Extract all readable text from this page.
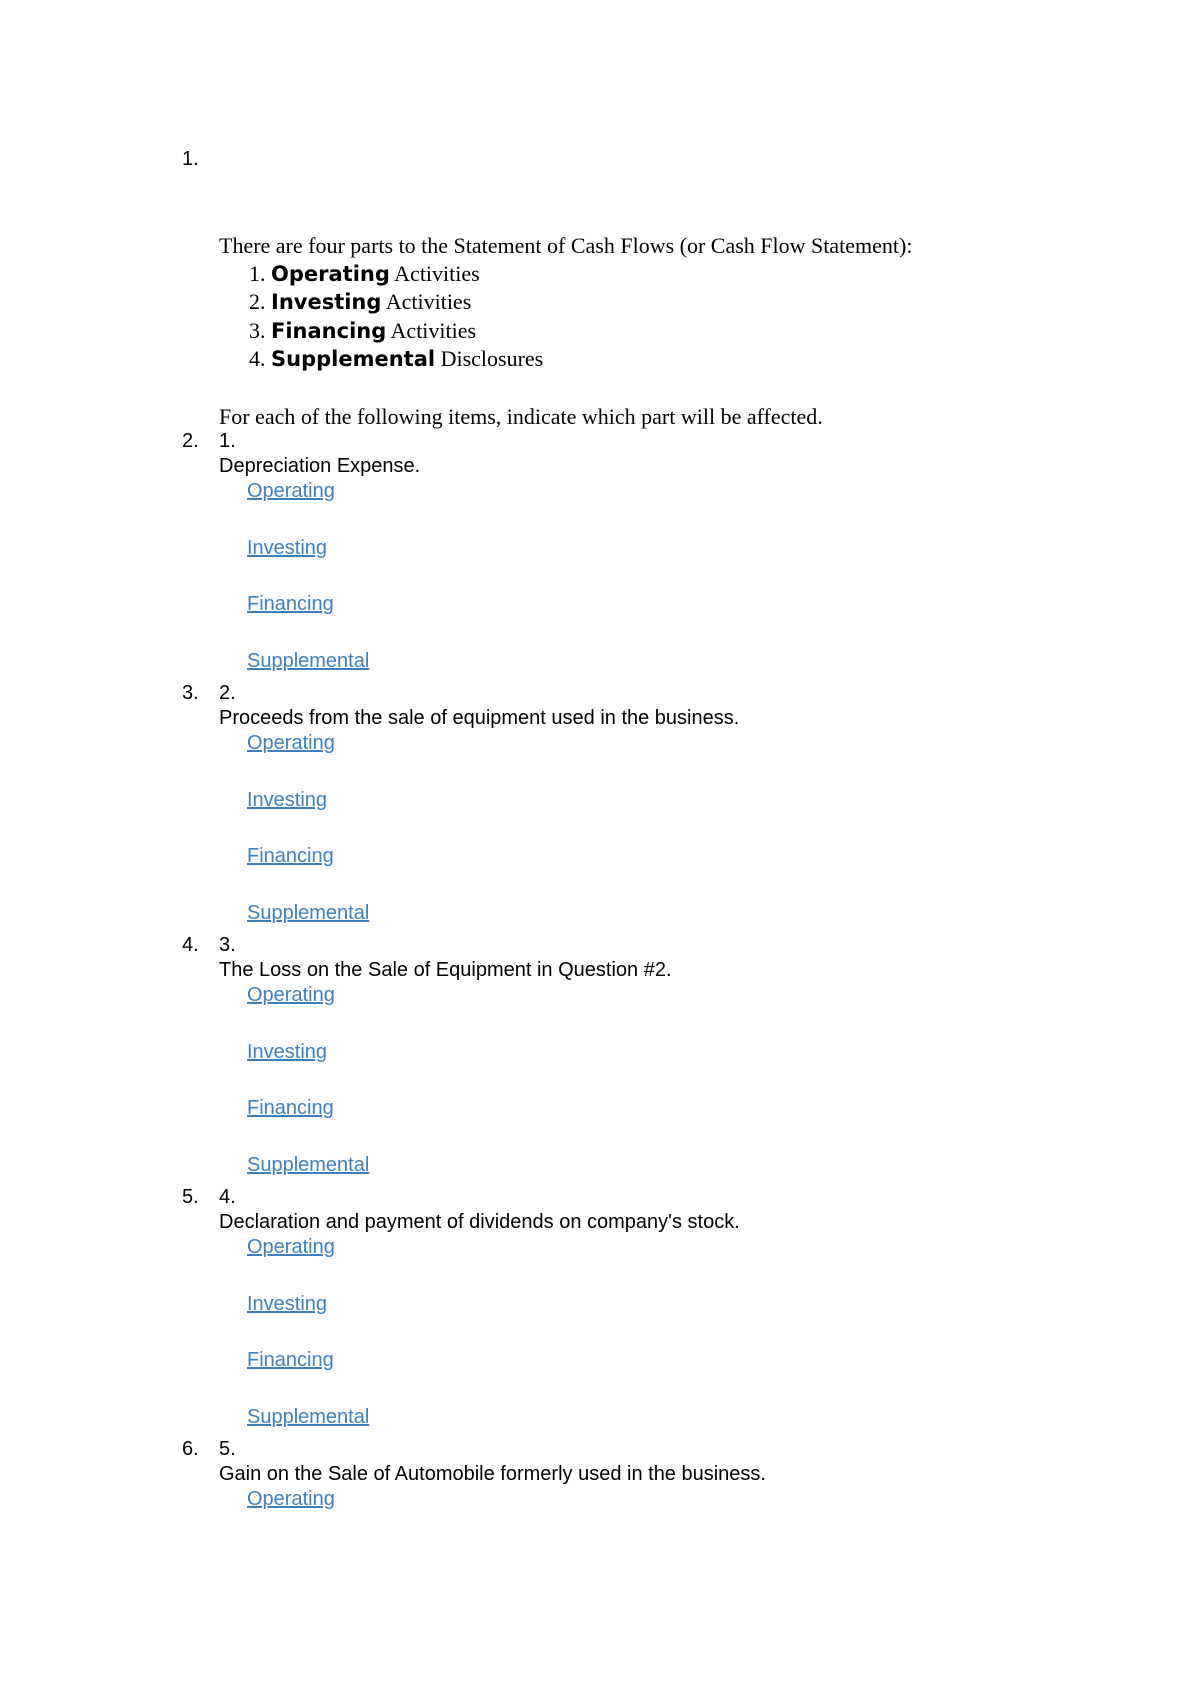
1.
There are four parts to the Statement of Cash Flows (or Cash Flow Statement):
1. Operating Activities
2. Investing Activities
3. Financing Activities
4. Supplemental Disclosures
For each of the following items, indicate which part will be affected.
2. 1.
Depreciation Expense.
Operating
Investing
Financing
Supplemental
3. 2.
Proceeds from the sale of equipment used in the business.
Operating
Investing
Financing
Supplemental
4. 3.
The Loss on the Sale of Equipment in Question #2.
Operating
Investing
Financing
Supplemental
5. 4.
Declaration and payment of dividends on company's stock.
Operating
Investing
Financing
Supplemental
6. 5.
Gain on the Sale of Automobile formerly used in the business.
Operating
